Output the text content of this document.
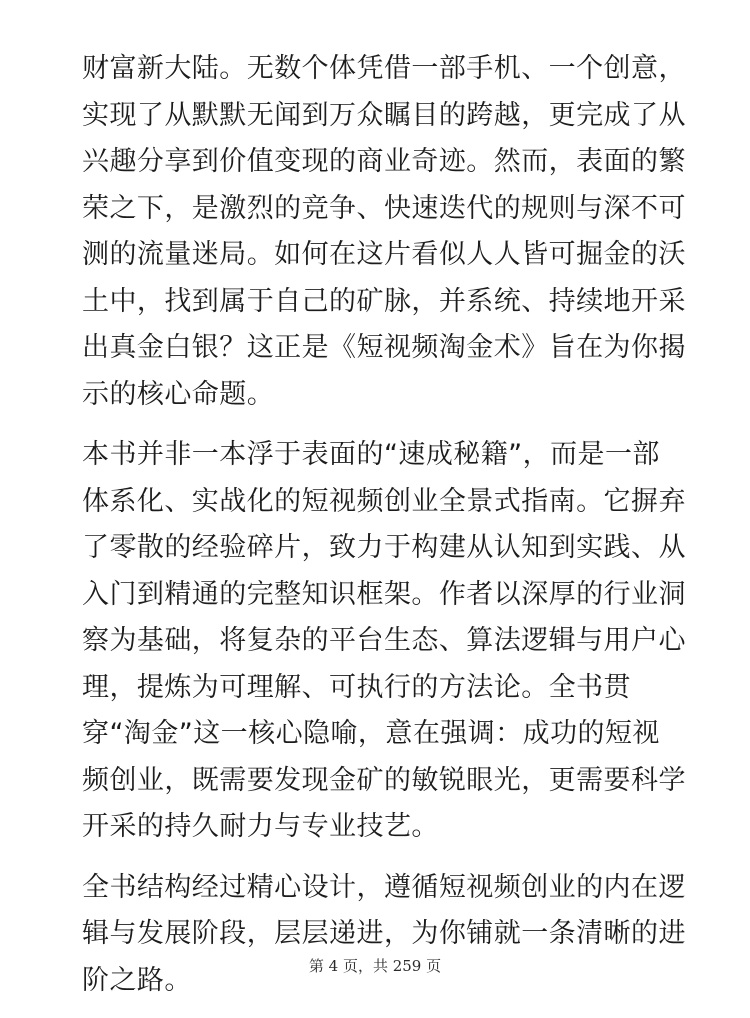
财富新大陆。无数个体凭借一部手机、一个创意，
实现了从默默无闻到万众瞩目的跨越，更完成了从
兴趣分享到价值变现的商业奇迹。然而，表面的繁
荣之下，是激烈的竞争、快速迭代的规则与深不可
测的流量迷局。如何在这片看似人人皆可掘金的沃
土中，找到属于自己的矿脉，并系统、持续地开采
出真金白银？这正是《短视频淘金术》旨在为你揭
示的核心命题。

本书并非一本浮于表面的“速成秘籍”，而是一部
体系化、实战化的短视频创业全景式指南。它摒弃
了零散的经验碎片，致力于构建从认知到实践、从
入门到精通的完整知识框架。作者以深厚的行业洞
察为基础，将复杂的平台生态、算法逻辑与用户心
理，提炼为可理解、可执行的方法论。全书贯
穿“淘金”这一核心隐喻，意在强调：成功的短视
频创业，既需要发现金矿的敏锐眼光，更需要科学
开采的持久耐力与专业技艺。

全书结构经过精心设计，遵循短视频创业的内在逻
辑与发展阶段，层层递进，为你铺就一条清晰的进
阶之路。	第 4 页，共 259 页
